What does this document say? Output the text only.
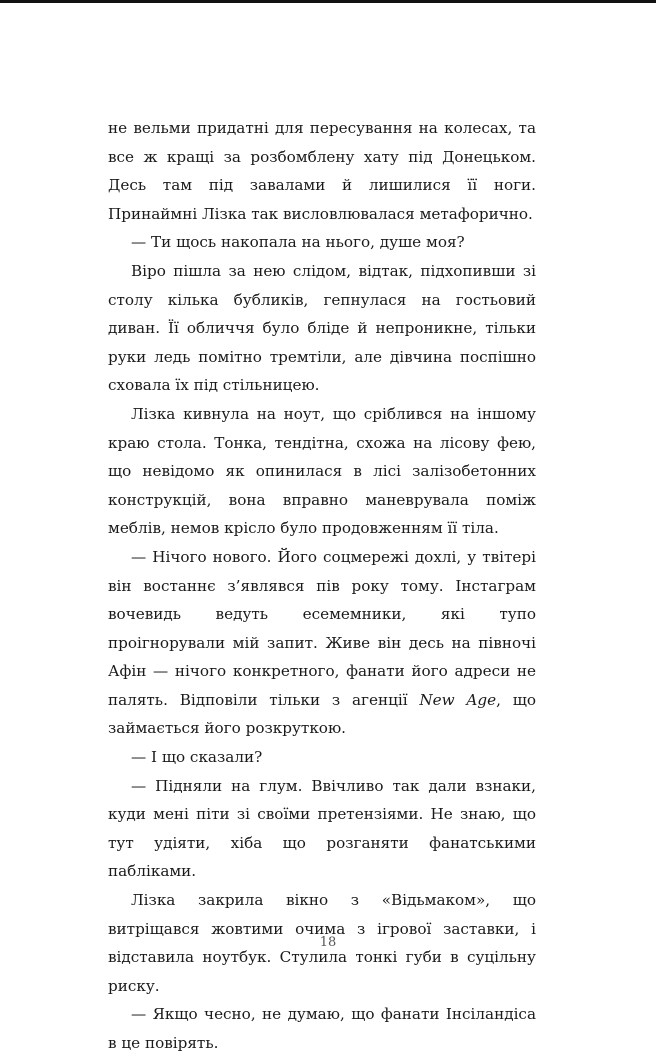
не вельми придатні для пересування на колесах, та все ж кращі за розбомблену хату під Донецьком. Десь там під завалами й лишилися її ноги. Принаймні Лізка так висловлювалася метафорично.

— Ти щось накопала на нього, душе моя?

Віро пішла за нею слідом, відтак, підхопивши зі столу кілька бубликів, гепнулася на гостьовий диван. Її обличчя було бліде й непроникне, тільки руки ледь помітно тремтіли, але дівчина поспішно сховала їх під стільницею.

Лізка кивнула на ноут, що сріблився на іншому краю стола. Тонка, тендітна, схожа на лісову фею, що невідомо як опинилася в лісі залізобетонних конструкцій, вона вправно маневрувала поміж меблів, немов крісло було продовженням її тіла.

— Нічого нового. Його соцмережі дохлі, у твітері він востаннє з’являвся пів року тому. Інстаграм вочевидь ведуть есемемники, які тупо проігнорували мій запит. Живе він десь на півночі Афін — нічого конкретного, фанати його адреси не палять. Відповіли тільки з агенції New Age, що займається його розкруткою.

— І що сказали?

— Підняли на глум. Ввічливо так дали взнаки, куди мені піти зі своїми претензіями. Не знаю, що тут удіяти, хіба що розганяти фанатськими пабліками.

Лізка закрила вікно з «Відьмаком», що витріщався жовтими очима з ігрової заставки, і відставила ноутбук. Стулила тонкі губи в суцільну риску.

— Якщо чесно, не думаю, що фанати Інсіландіса в це повірять.

18
